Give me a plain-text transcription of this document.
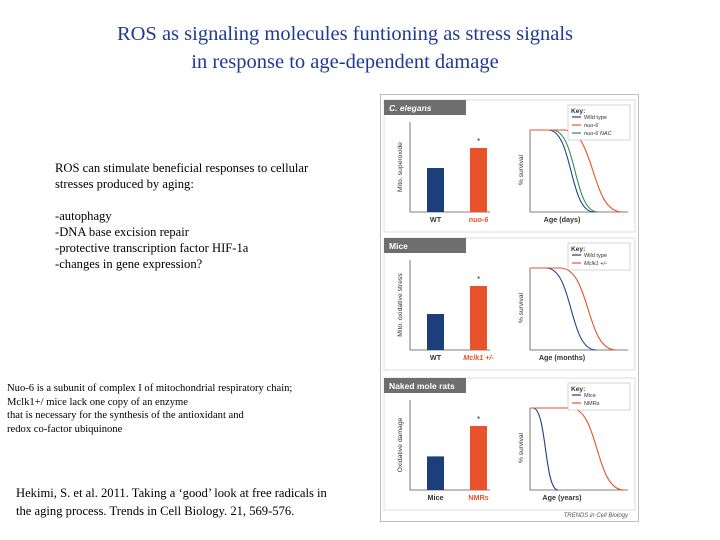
ROS as signaling molecules funtioning as stress signals
in response to age-dependent damage
ROS can stimulate beneficial responses to cellular
stresses produced by aging:
-autophagy
-DNA base excision repair
-protective transcription factor HIF-1a
-changes in gene expression?
Nuo-6 is a subunit of complex I of mitochondrial respiratory chain;
Mclk1+/ mice lack one copy of an enzyme
that is necessary for the synthesis of the antioxidant and
redox co-factor ubiquinone
Hekimi, S. et al. 2011. Taking a ‘good’ look at free radicals in
the aging process. Trends in Cell Biology. 21, 569-576.
C. elegans
Mito. superoxide
WT	nuo-6
*
% survival
Age (days)
Key:
Wild type
nuo-6
nuo-6 NAC
Mice
Mito. oxidative stress
WT	Mclk1 +/-
*
% survival
Age (months)
Key:
Wild type
Mclk1 +/-
Naked mole rats
Oxidative damage
Mice	NMRs
*
% survival
Age (years)
Key:
Mice
NMRs
TRENDS in Cell Biology
